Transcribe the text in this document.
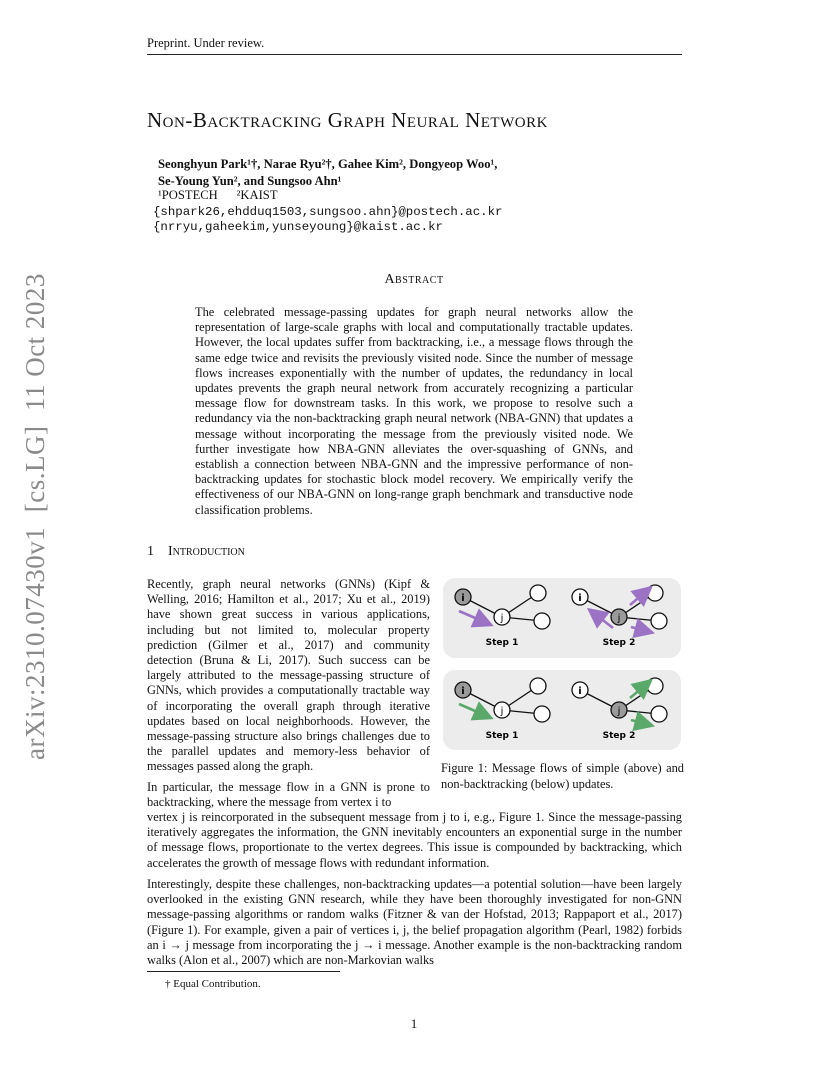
Preprint. Under review.
Non-Backtracking Graph Neural Network
Seonghyun Park¹†, Narae Ryu²†, Gahee Kim², Dongyeop Woo¹,
Se-Young Yun², and Sungsoo Ahn¹
¹POSTECH      ²KAIST
{shpark26,ehdduq1503,sungsoo.ahn}@postech.ac.kr
{nrryu,gaheekim,yunseyoung}@kaist.ac.kr
Abstract
The celebrated message-passing updates for graph neural networks allow the representation of large-scale graphs with local and computationally tractable updates. However, the local updates suffer from backtracking, i.e., a message flows through the same edge twice and revisits the previously visited node. Since the number of message flows increases exponentially with the number of updates, the redundancy in local updates prevents the graph neural network from accurately recognizing a particular message flow for downstream tasks. In this work, we propose to resolve such a redundancy via the non-backtracking graph neural network (NBA-GNN) that updates a message without incorporating the message from the previously visited node. We further investigate how NBA-GNN alleviates the over-squashing of GNNs, and establish a connection between NBA-GNN and the impressive performance of non-backtracking updates for stochastic block model recovery. We empirically verify the effectiveness of our NBA-GNN on long-range graph benchmark and transductive node classification problems.
1 Introduction
Recently, graph neural networks (GNNs) (Kipf & Welling, 2016; Hamilton et al., 2017; Xu et al., 2019) have shown great success in various applications, including but not limited to, molecular property prediction (Gilmer et al., 2017) and community detection (Bruna & Li, 2017). Such success can be largely attributed to the message-passing structure of GNNs, which provides a computationally tractable way of incorporating the overall graph through iterative updates based on local neighborhoods. However, the message-passing structure also brings challenges due to the parallel updates and memory-less behavior of messages passed along the graph.
In particular, the message flow in a GNN is prone to backtracking, where the message from vertex i to
vertex j is reincorporated in the subsequent message from j to i, e.g., Figure 1. Since the message-passing iteratively aggregates the information, the GNN inevitably encounters an exponential surge in the number of message flows, proportionate to the vertex degrees. This issue is compounded by backtracking, which accelerates the growth of message flows with redundant information.
Interestingly, despite these challenges, non-backtracking updates—a potential solution—have been largely overlooked in the existing GNN research, while they have been thoroughly investigated for non-GNN message-passing algorithms or random walks (Fitzner & van der Hofstad, 2013; Rappaport et al., 2017) (Figure 1). For example, given a pair of vertices i, j, the belief propagation algorithm (Pearl, 1982) forbids an i → j message from incorporating the j → i message. Another example is the non-backtracking random walks (Alon et al., 2007) which are non-Markovian walks
i
j
i
j
Step 1	Step 2
i
j
i
j
Step 1	Step 2
Figure 1: Message flows of simple (above) and non-backtracking (below) updates.
† Equal Contribution.
1
arXiv:2310.07430v1  [cs.LG]  11 Oct 2023
